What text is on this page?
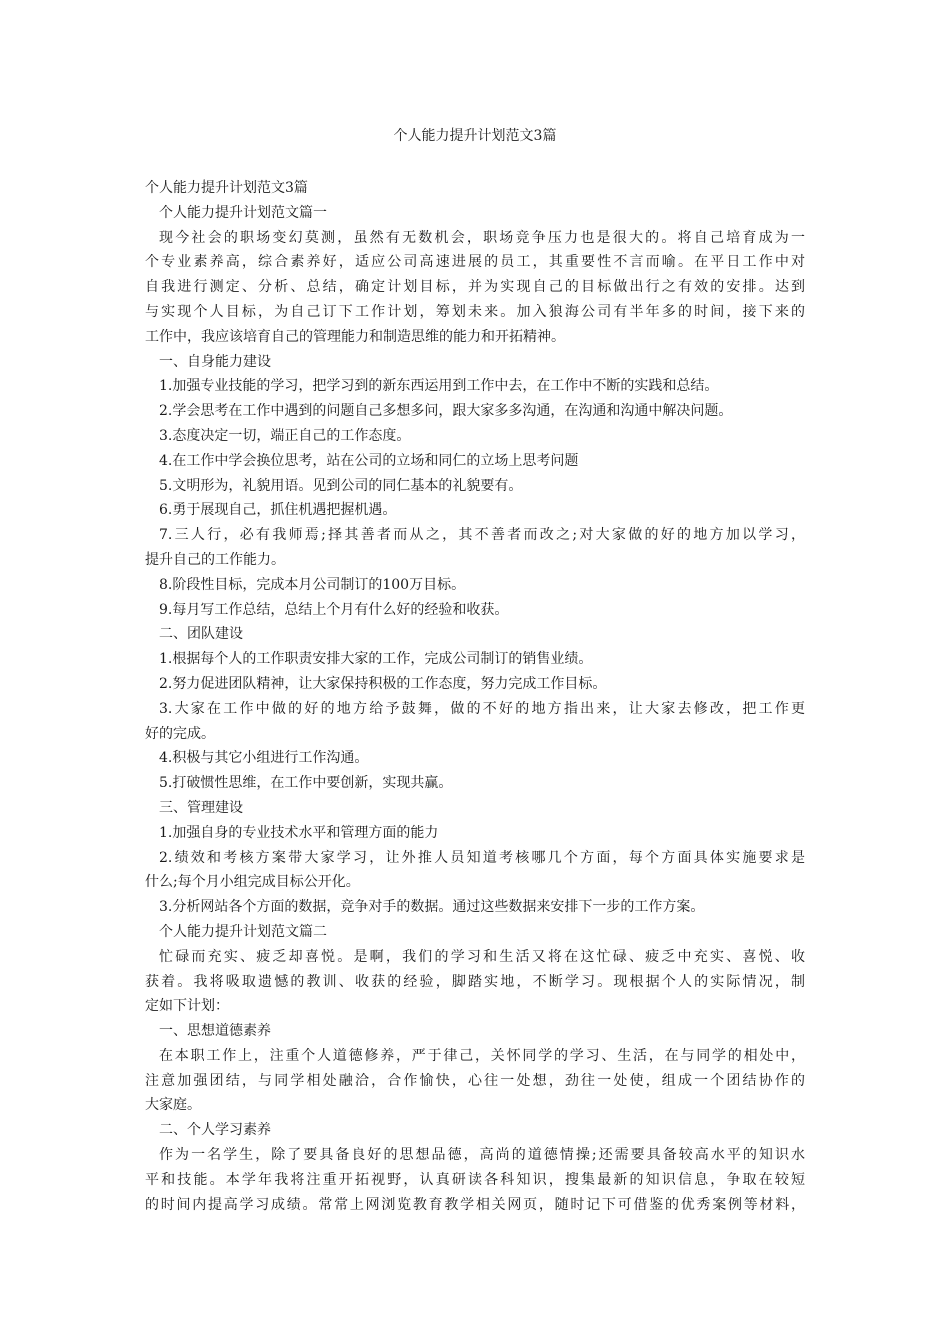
个人能力提升计划范文3篇

个人能力提升计划范文3篇

个人能力提升计划范文篇一

现今社会的职场变幻莫测，虽然有无数机会，职场竞争压力也是很大的。将自己培育成为一

个专业素养高，综合素养好，适应公司高速进展的员工，其重要性不言而喻。在平日工作中对

自我进行测定、分析、总结，确定计划目标，并为实现自己的目标做出行之有效的安排。达到

与实现个人目标，为自己订下工作计划，筹划未来。加入狼海公司有半年多的时间，接下来的

工作中，我应该培育自己的管理能力和制造思维的能力和开拓精神。

一、自身能力建设

1.加强专业技能的学习，把学习到的新东西运用到工作中去，在工作中不断的实践和总结。

2.学会思考在工作中遇到的问题自己多想多问，跟大家多多沟通，在沟通和沟通中解决问题。

3.态度决定一切，端正自己的工作态度。

4.在工作中学会换位思考，站在公司的立场和同仁的立场上思考问题

5.文明形为，礼貌用语。见到公司的同仁基本的礼貌要有。

6.勇于展现自己，抓住机遇把握机遇。

7.三人行，必有我师焉;择其善者而从之，其不善者而改之;对大家做的好的地方加以学习，

提升自己的工作能力。

8.阶段性目标，完成本月公司制订的100万目标。

9.每月写工作总结，总结上个月有什么好的经验和收获。

二、团队建设

1.根据每个人的工作职责安排大家的工作，完成公司制订的销售业绩。

2.努力促进团队精神，让大家保持积极的工作态度，努力完成工作目标。

3.大家在工作中做的好的地方给予鼓舞，做的不好的地方指出来，让大家去修改，把工作更

好的完成。

4.积极与其它小组进行工作沟通。

5.打破惯性思维，在工作中要创新，实现共赢。

三、管理建设

1.加强自身的专业技术水平和管理方面的能力

2.绩效和考核方案带大家学习，让外推人员知道考核哪几个方面，每个方面具体实施要求是

什么;每个月小组完成目标公开化。

3.分析网站各个方面的数据，竞争对手的数据。通过这些数据来安排下一步的工作方案。

个人能力提升计划范文篇二

忙碌而充实、疲乏却喜悦。是啊，我们的学习和生活又将在这忙碌、疲乏中充实、喜悦、收

获着。我将吸取遗憾的教训、收获的经验，脚踏实地，不断学习。现根据个人的实际情况，制

定如下计划：

一、思想道德素养

在本职工作上，注重个人道德修养，严于律己，关怀同学的学习、生活，在与同学的相处中，

注意加强团结，与同学相处融洽，合作愉快，心往一处想，劲往一处使，组成一个团结协作的

大家庭。

二、个人学习素养

作为一名学生，除了要具备良好的思想品德，高尚的道德情操;还需要具备较高水平的知识水

平和技能。本学年我将注重开拓视野，认真研读各科知识，搜集最新的知识信息，争取在较短

的时间内提高学习成绩。常常上网浏览教育教学相关网页，随时记下可借鉴的优秀案例等材料，
